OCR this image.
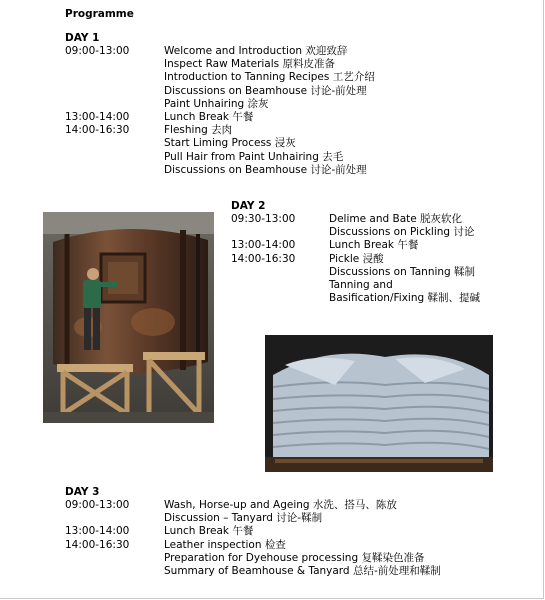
Programme
DAY 1
09:00-13:00	Welcome and Introduction 欢迎致辞
Inspect Raw Materials 原料皮准备
Introduction to Tanning Recipes 工艺介绍
Discussions on Beamhouse 讨论-前处理
Paint Unhairing 涂灰
13:00-14:00	Lunch Break 午餐
14:00-16:30	Fleshing 去肉
Start Liming Process 浸灰
Pull Hair from Paint Unhairing 去毛
Discussions on Beamhouse 讨论-前处理
DAY 2
09:30-13:00	Delime and Bate 脱灰软化
Discussions on Pickling 讨论
13:00-14:00	Lunch Break 午餐
14:00-16:30	Pickle 浸酸
Discussions on Tanning 鞣制
Tanning and
Basification/Fixing 鞣制、提碱
DAY 3
09:00-13:00	Wash, Horse-up and Ageing 水洗、搭马、陈放
Discussion – Tanyard 讨论-鞣制
13:00-14:00	Lunch Break 午餐
14:00-16:30	Leather inspection 检查
Preparation for Dyehouse processing 复鞣染色准备
Summary of Beamhouse & Tanyard 总结-前处理和鞣制
